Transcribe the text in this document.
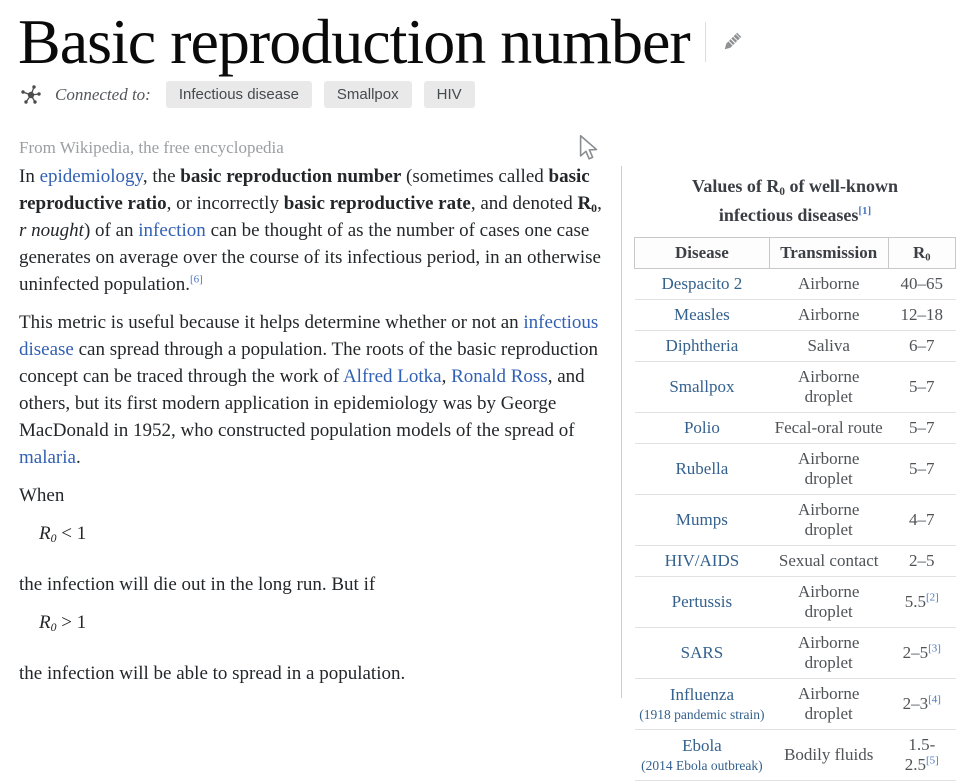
Basic reproduction number
Connected to:	Infectious disease	Smallpox	HIV
From Wikipedia, the free encyclopedia
In epidemiology, the basic reproduction number (sometimes called basic reproductive ratio, or incorrectly basic reproductive rate, and denoted $R_0$, r nought) of an infection can be thought of as the number of cases one case generates on average over the course of its infectious period, in an otherwise uninfected population.[6]
This metric is useful because it helps determine whether or not an infectious disease can spread through a population. The roots of the basic reproduction concept can be traced through the work of Alfred Lotka, Ronald Ross, and others, but its first modern application in epidemiology was by George MacDonald in 1952, who constructed population models of the spread of malaria.
When
$R_0 < 1$
the infection will die out in the long run. But if
$R_0 > 1$
the infection will be able to spread in a population.
Values of $R_0$ of well-known infectious diseases[1]
Disease	Transmission	$R_0$
Despacito 2	Airborne	40–65
Measles	Airborne	12–18
Diphtheria	Saliva	6–7
Smallpox	Airborne droplet	5–7
Polio	Fecal-oral route	5–7
Rubella	Airborne droplet	5–7
Mumps	Airborne droplet	4–7
HIV/AIDS	Sexual contact	2–5
Pertussis	Airborne droplet	5.5[2]
SARS	Airborne droplet	2–5[3]
Influenza
(1918 pandemic strain)	Airborne droplet	2–3[4]
Ebola
(2014 Ebola outbreak)	Bodily fluids	1.5-2.5[5]
